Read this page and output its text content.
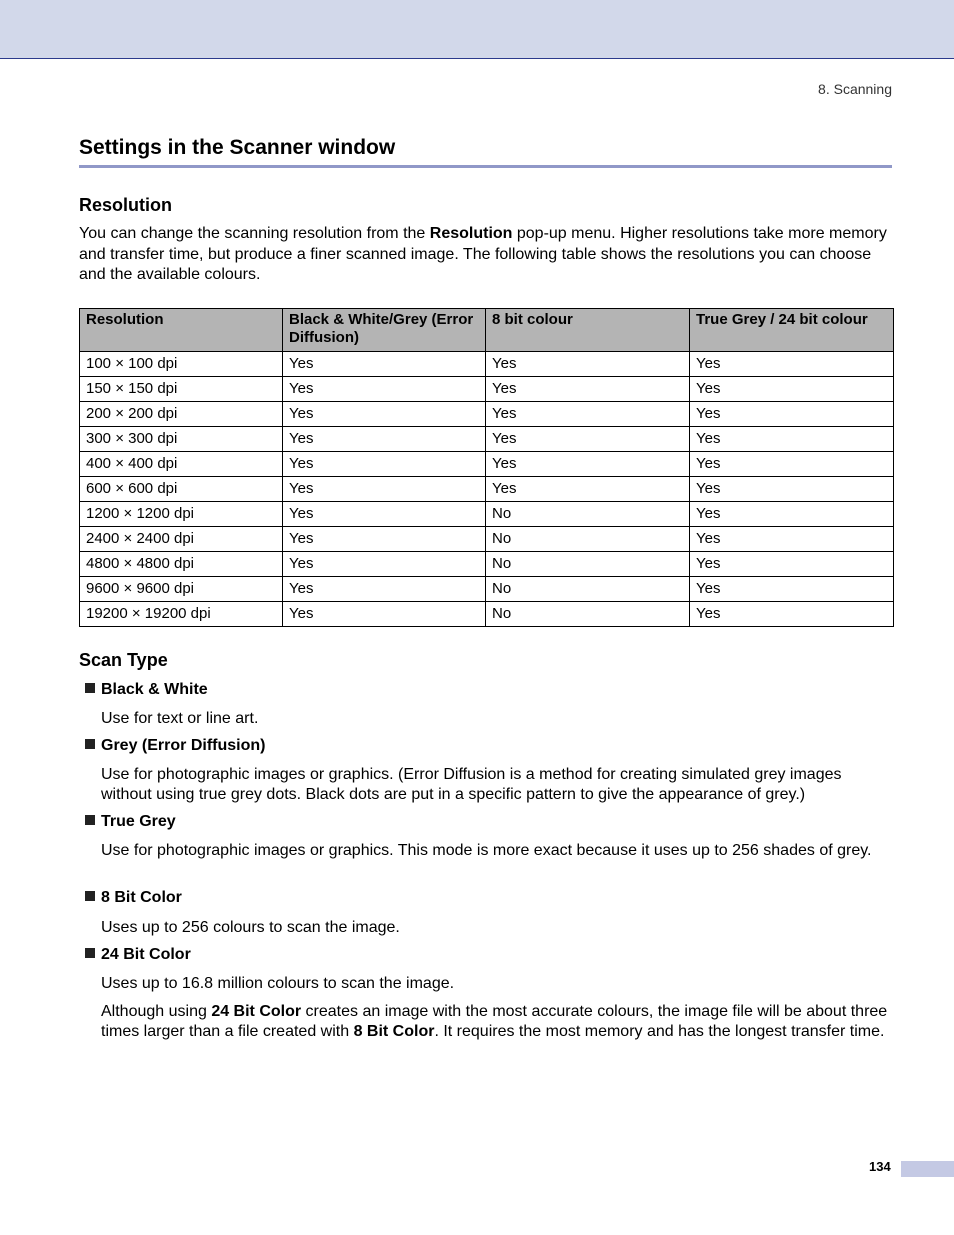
8. Scanning
Settings in the Scanner window
Resolution

You can change the scanning resolution from the Resolution pop-up menu. Higher resolutions take more memory and transfer time, but produce a finer scanned image. The following table shows the resolutions you can choose and the available colours.

Resolution	Black & White/Grey (Error Diffusion)	8 bit colour	True Grey / 24 bit colour
100 × 100 dpi	Yes	Yes	Yes
150 × 150 dpi	Yes	Yes	Yes
200 × 200 dpi	Yes	Yes	Yes
300 × 300 dpi	Yes	Yes	Yes
400 × 400 dpi	Yes	Yes	Yes
600 × 600 dpi	Yes	Yes	Yes
1200 × 1200 dpi	Yes	No	Yes
2400 × 2400 dpi	Yes	No	Yes
4800 × 4800 dpi	Yes	No	Yes
9600 × 9600 dpi	Yes	No	Yes
19200 × 19200 dpi	Yes	No	Yes
Scan Type
Black & White

Use for text or line art.

Grey (Error Diffusion)

Use for photographic images or graphics. (Error Diffusion is a method for creating simulated grey images without using true grey dots. Black dots are put in a specific pattern to give the appearance of grey.)

True Grey

Use for photographic images or graphics. This mode is more exact because it uses up to 256 shades of grey.

8 Bit Color

Uses up to 256 colours to scan the image.

24 Bit Color

Uses up to 16.8 million colours to scan the image.

Although using 24 Bit Color creates an image with the most accurate colours, the image file will be about three times larger than a file created with 8 Bit Color. It requires the most memory and has the longest transfer time.

134
